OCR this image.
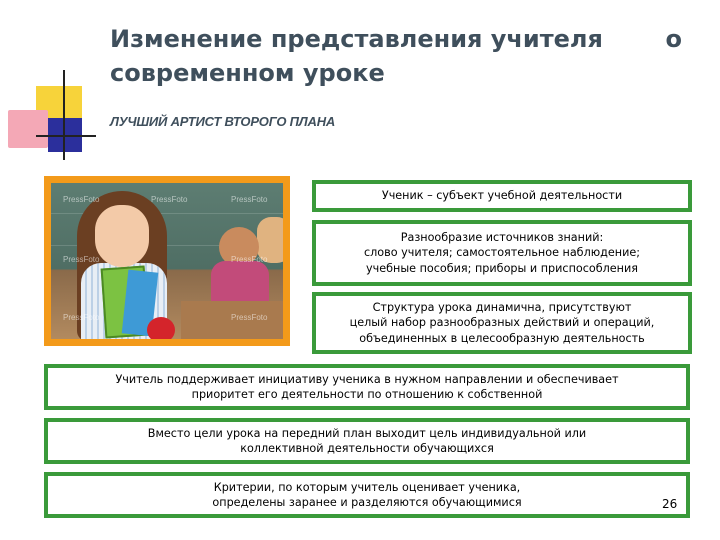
Изменение представления учителя	о
современном уроке
ЛУЧШИЙ АРТИСТ ВТОРОГО ПЛАНА
PressFoto	PressFoto	PressFoto
PressFoto	PressFoto
PressFoto	PressFoto
Ученик – субъект учебной деятельности
Разнообразие источников знаний:
слово учителя; самостоятельное наблюдение;
учебные пособия; приборы и приспособления
Структура урока динамична, присутствуют
целый набор разнообразных действий и операций,
объединенных в целесообразную деятельность
Учитель поддерживает инициативу ученика в нужном направлении и обеспечивает
приоритет его деятельности по отношению к собственной
Вместо цели урока на передний план выходит цель индивидуальной или
коллективной деятельности обучающихся
Критерии, по которым учитель оценивает ученика,
определены заранее и разделяются обучающимися	26
